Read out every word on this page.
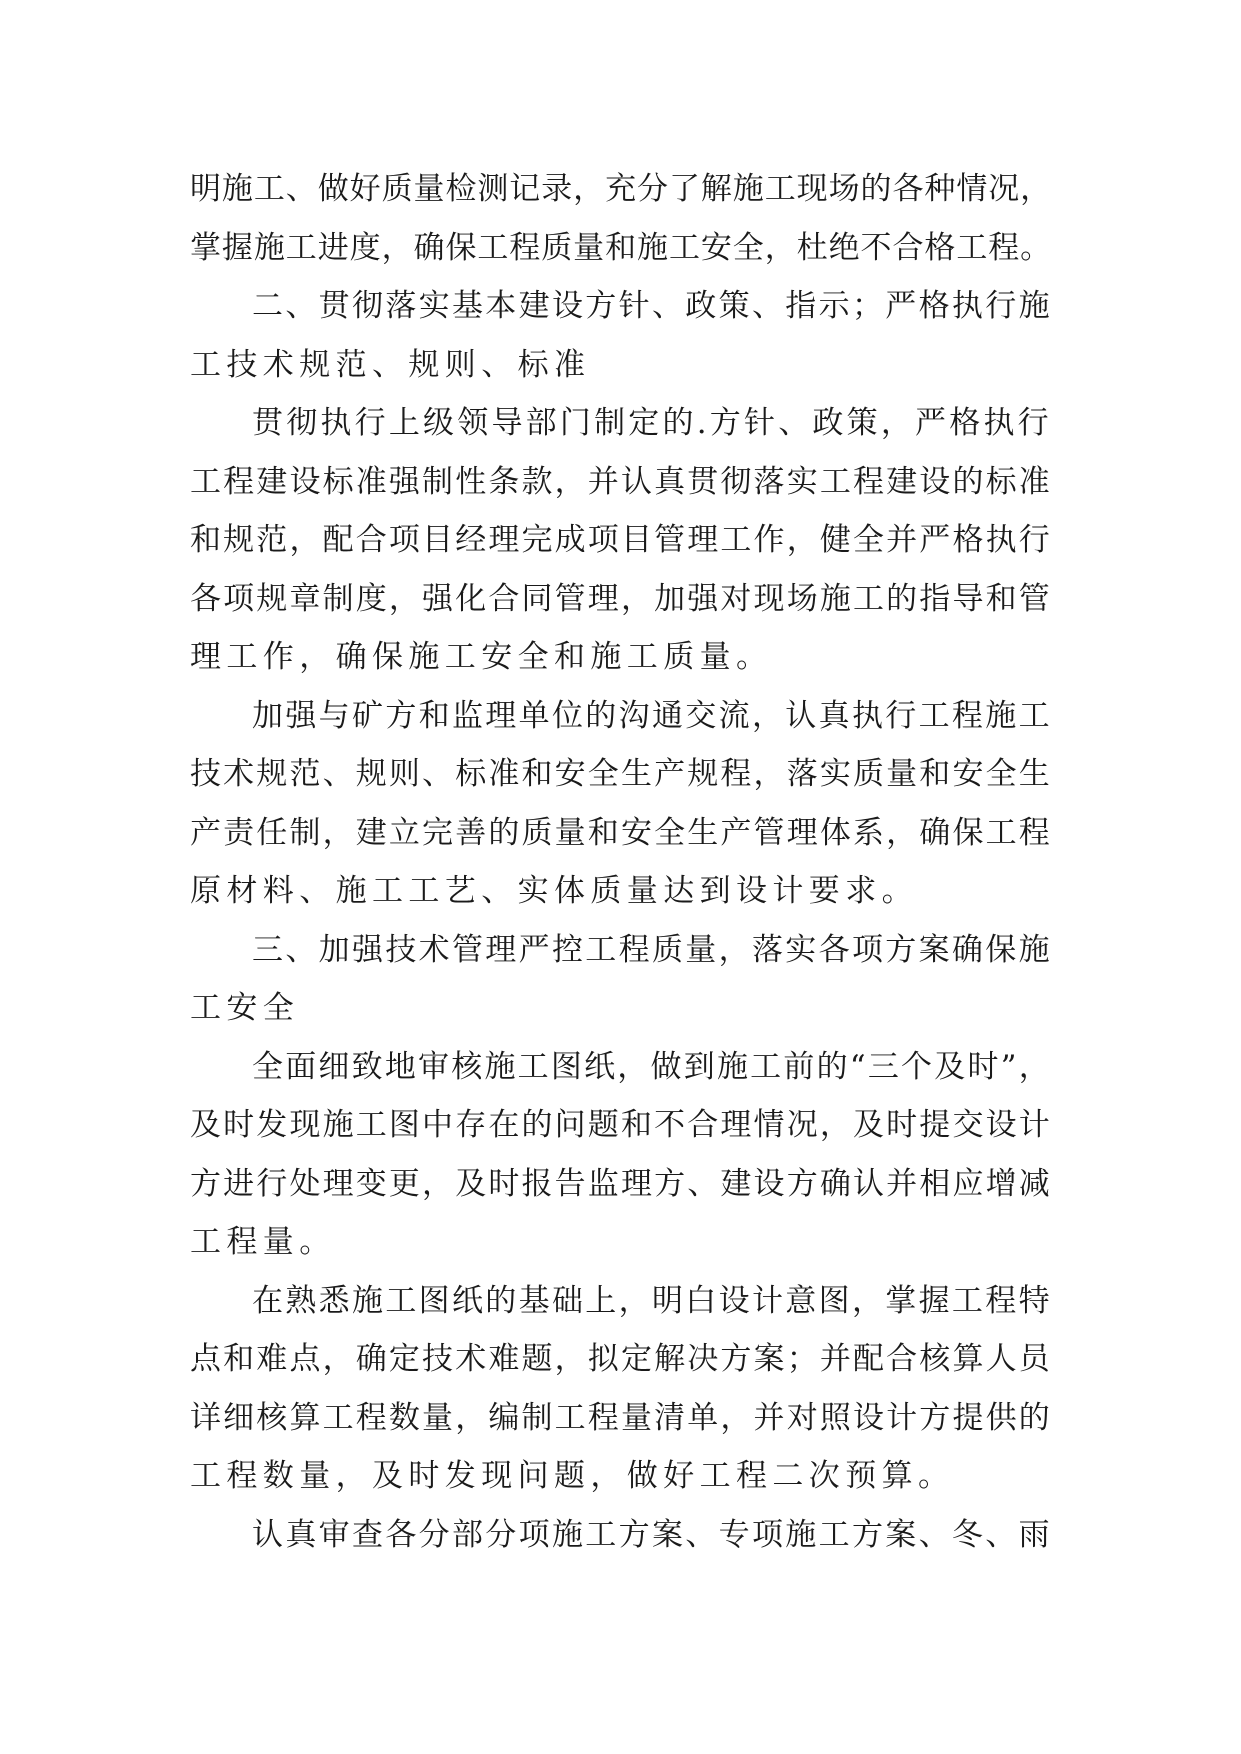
明施工、做好质量检测记录，充分了解施工现场的各种情况，
掌握施工进度，确保工程质量和施工安全，杜绝不合格工程。
二、贯彻落实基本建设方针、政策、指示；严格执行施
工技术规范、规则、标准
贯彻执行上级领导部门制定的.方针、政策，严格执行
工程建设标准强制性条款，并认真贯彻落实工程建设的标准
和规范，配合项目经理完成项目管理工作，健全并严格执行
各项规章制度，强化合同管理，加强对现场施工的指导和管
理工作，确保施工安全和施工质量。
加强与矿方和监理单位的沟通交流，认真执行工程施工
技术规范、规则、标准和安全生产规程，落实质量和安全生
产责任制，建立完善的质量和安全生产管理体系，确保工程
原材料、施工工艺、实体质量达到设计要求。
三、加强技术管理严控工程质量，落实各项方案确保施
工安全
全面细致地审核施工图纸，做到施工前的“三个及时”，
及时发现施工图中存在的问题和不合理情况，及时提交设计
方进行处理变更，及时报告监理方、建设方确认并相应增减
工程量。
在熟悉施工图纸的基础上，明白设计意图，掌握工程特
点和难点，确定技术难题，拟定解决方案；并配合核算人员
详细核算工程数量，编制工程量清单，并对照设计方提供的
工程数量，及时发现问题，做好工程二次预算。
认真审查各分部分项施工方案、专项施工方案、冬、雨
